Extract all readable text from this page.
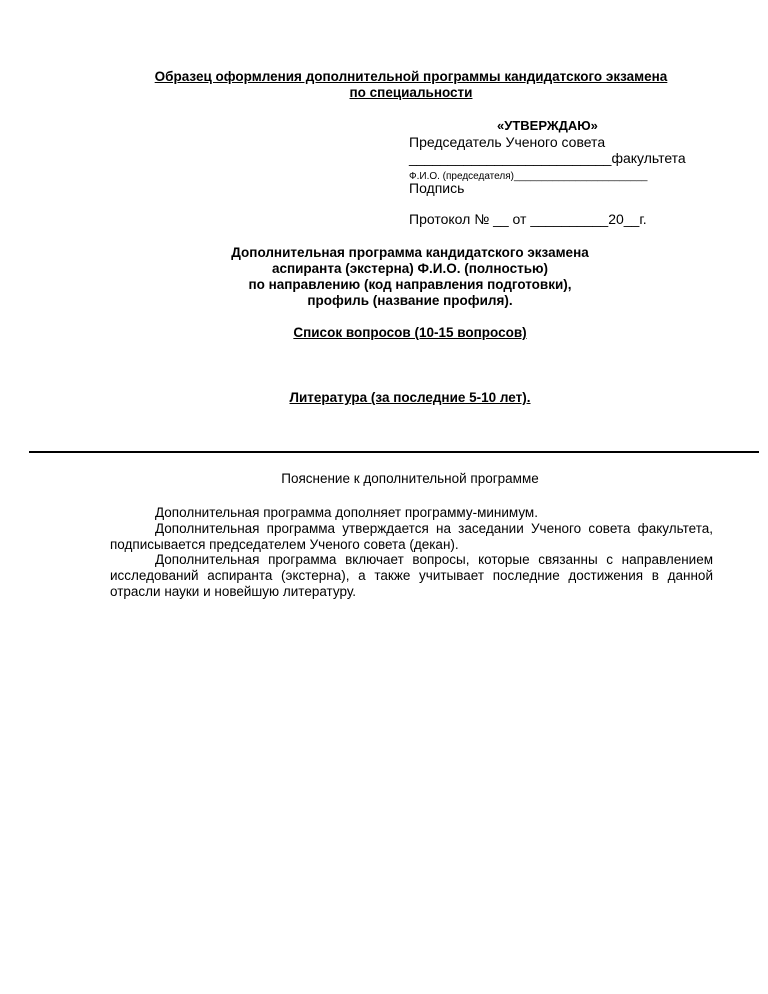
Образец оформления дополнительной программы кандидатского экзамена

по специальности

«УТВЕРЖДАЮ»

Председатель Ученого совета

__________________________факультета

Ф.И.О. (председателя)________________________

Подпись

Протокол № __ от __________20__г.

Дополнительная программа кандидатского экзамена

аспиранта (экстерна) Ф.И.О. (полностью)

по направлению (код направления подготовки),

профиль (название профиля).

Список вопросов (10-15 вопросов)

Литература (за последние 5-10 лет).

Пояснение к дополнительной программе

Дополнительная программа дополняет программу-минимум.

Дополнительная программа утверждается на заседании Ученого совета факультета, подписывается председателем Ученого совета (декан).

Дополнительная программа включает вопросы, которые связанны с направлением исследований аспиранта (экстерна), а также учитывает последние достижения в данной отрасли науки и новейшую литературу.
